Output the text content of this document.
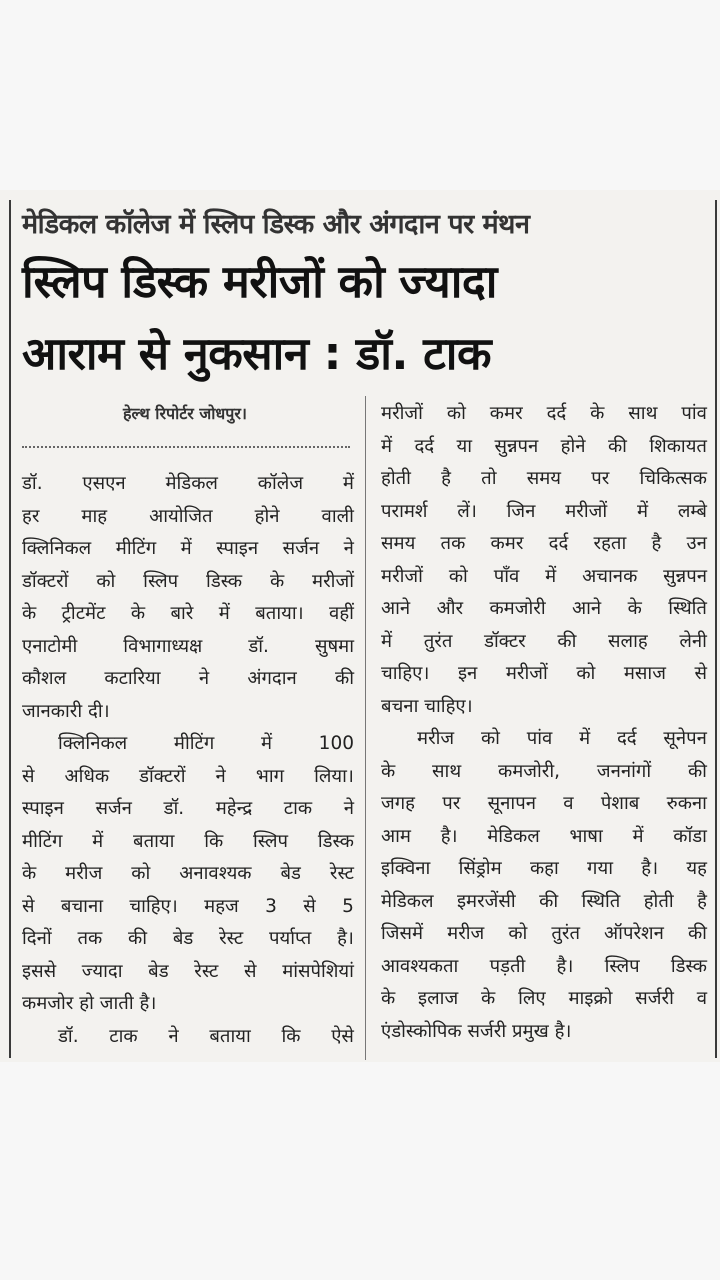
मेडिकल कॉलेज में स्लिप डिस्क और अंगदान पर मंथन
स्लिप डिस्क मरीजों को ज्यादा
आराम से नुकसान : डॉ. टाक
हेल्थ रिपोर्टर जोधपुर।
डॉ. एसएन मेडिकल कॉलेज में
हर माह आयोजित होने वाली
क्लिनिकल मीटिंग में स्पाइन सर्जन ने
डॉक्टरों को स्लिप डिस्क के मरीजों
के ट्रीटमेंट के बारे में बताया। वहीं
एनाटोमी विभागाध्यक्ष डॉ. सुषमा
कौशल कटारिया ने अंगदान की
जानकारी दी।
क्लिनिकल	मीटिंग	में	100
से अधिक डॉक्टरों ने भाग लिया।
स्पाइन सर्जन डॉ. महेन्द्र टाक ने
मीटिंग में बताया कि स्लिप डिस्क
के मरीज को अनावश्यक बेड रेस्ट
से बचाना चाहिए। महज 3 से 5
दिनों तक की बेड रेस्ट पर्याप्त है।
इससे ज्यादा बेड रेस्ट से मांसपेशियां
कमजोर हो जाती है।
डॉ. टाक ने बताया कि ऐसे
मरीजों को कमर दर्द के साथ पांव
में दर्द या सुन्नपन होने की शिकायत
होती है तो समय पर चिकित्सक
परामर्श लें। जिन मरीजों में लम्बे
समय तक कमर दर्द रहता है उन
मरीजों को पाँव में अचानक सुन्नपन
आने और कमजोरी आने के स्थिति
में तुरंत डॉक्टर की सलाह लेनी
चाहिए। इन मरीजों को मसाज से
बचना चाहिए।
मरीज को पांव में दर्द सूनेपन
के साथ कमजोरी, जननांगों की
जगह पर सूनापन व पेशाब रुकना
आम है। मेडिकल भाषा में कॉडा
इक्विना सिंड्रोम कहा गया है। यह
मेडिकल इमरजेंसी की स्थिति होती है
जिसमें मरीज को तुरंत ऑपरेशन की
आवश्यकता पड़ती है। स्लिप डिस्क
के इलाज के लिए माइक्रो सर्जरी व
एंडोस्कोपिक सर्जरी प्रमुख है।
